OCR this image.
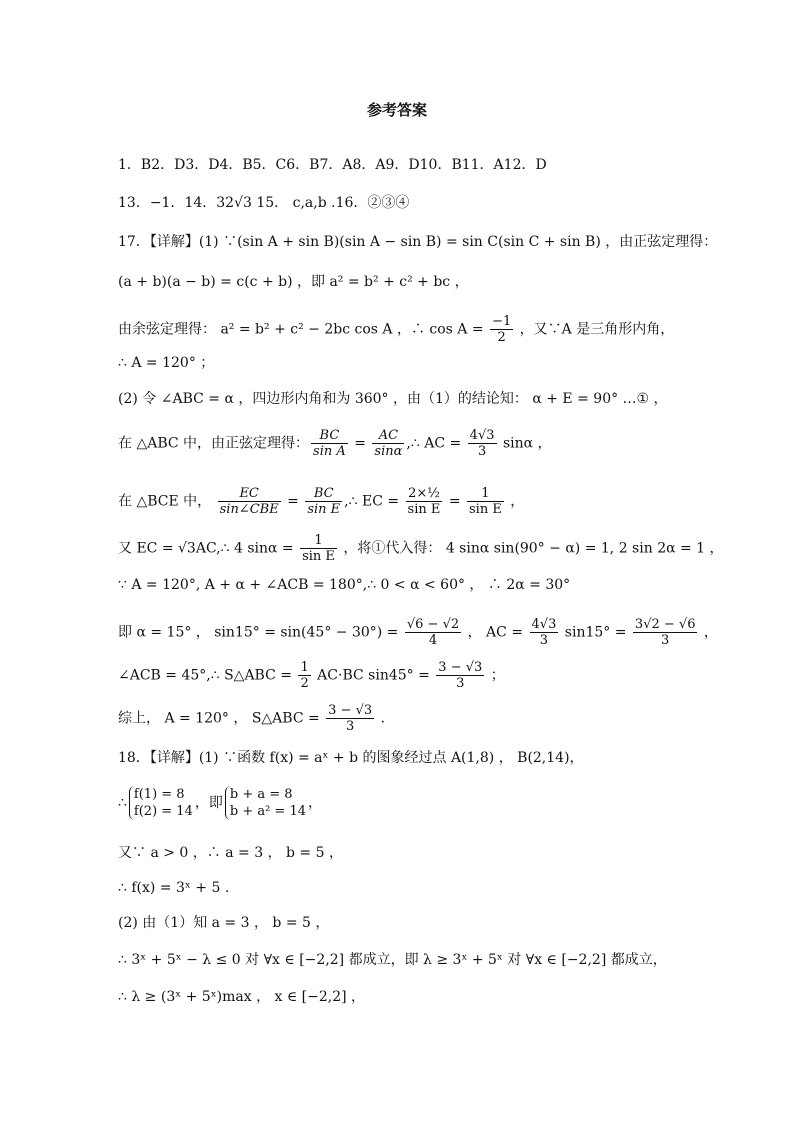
参考答案
1．B2．D3．D4．B5．C6．B7．A8．A9．D10．B11．A12．D
13．−1．14．32√3 15． c,a,b .16．②③④
17．【详解】(1) ∵(sin A + sin B)(sin A − sin B) = sin C(sin C + sin B) ，由正弦定理得：
(a + b)(a − b) = c(c + b) ，即 a² = b² + c² + bc ，
由余弦定理得： a² = b² + c² − 2bc cos A ，∴ $\cos A = \frac{-1}{2}$ ，又∵A 是三角形内角，
∴ A = 120° ；
(2) 令 ∠ABC = α ，四边形内角和为 360° ，由（1）的结论知： α + E = 90° …① ，
在 △ABC 中，由正弦定理得： $\frac{BC}{\text{sin A}} = \frac{AC}{\sin\alpha}$ ,∴ AC = $\frac{4√3}{3}$ sinα ，
在 △BCE 中， $\frac{EC}{\text{sin∠CBE}} = \frac{BC}{\text{sin E}}$ ,∴ EC = $\frac{\text{2×½}}{\text{sin E}} = \frac{1}{\text{sin E}}$ ，
又 EC = √3AC,∴ 4 $\sin\alpha = \frac{1}{\text{sin E}}$ ，将①代入得： 4 sinα sin(90° − α) = 1, 2 sin 2α = 1 ，
∵ A = 120°, A + α + ∠ACB = 180°,∴ 0 < α < 60° ， ∴ 2α = 30°
即 α = 15° ， $\sin 15^\circ = \sin(45^\circ - 30^\circ) = \frac{√6 - √2}{4}$ ， AC = $\frac{4√3}{3} \sin 15^\circ = \frac{3√2 - √6}{3}$ ，
∠ACB = 45°,∴ S△ABC = $\frac{1}{2} AC\cdot BC$ $\sin 45^\circ = \frac{3 - √3}{3}$ ；
综上， A = 120° ， S△ABC = $\frac{3 - √3}{3}$ .
18．【详解】(1) ∵函数 f(x) = aˣ + b 的图象经过点 A(1,8) ， B(2,14)，
∴
f(1) = 8
f(2) = 14
，即
b + a = 8
b + a² = 14
，
又∵ a > 0 ，∴ a = 3 ， b = 5 ，
∴ f(x) = 3ˣ + 5 .
(2) 由（1）知 a = 3 ， b = 5 ，
∴ 3ˣ + 5ˣ − λ ≤ 0 对 ∀x ∈ [−2,2] 都成立，即 λ ≥ 3ˣ + 5ˣ 对 ∀x ∈ [−2,2] 都成立，
∴ λ ≥ (3ˣ + 5ˣ)max ， x ∈ [−2,2] ，
